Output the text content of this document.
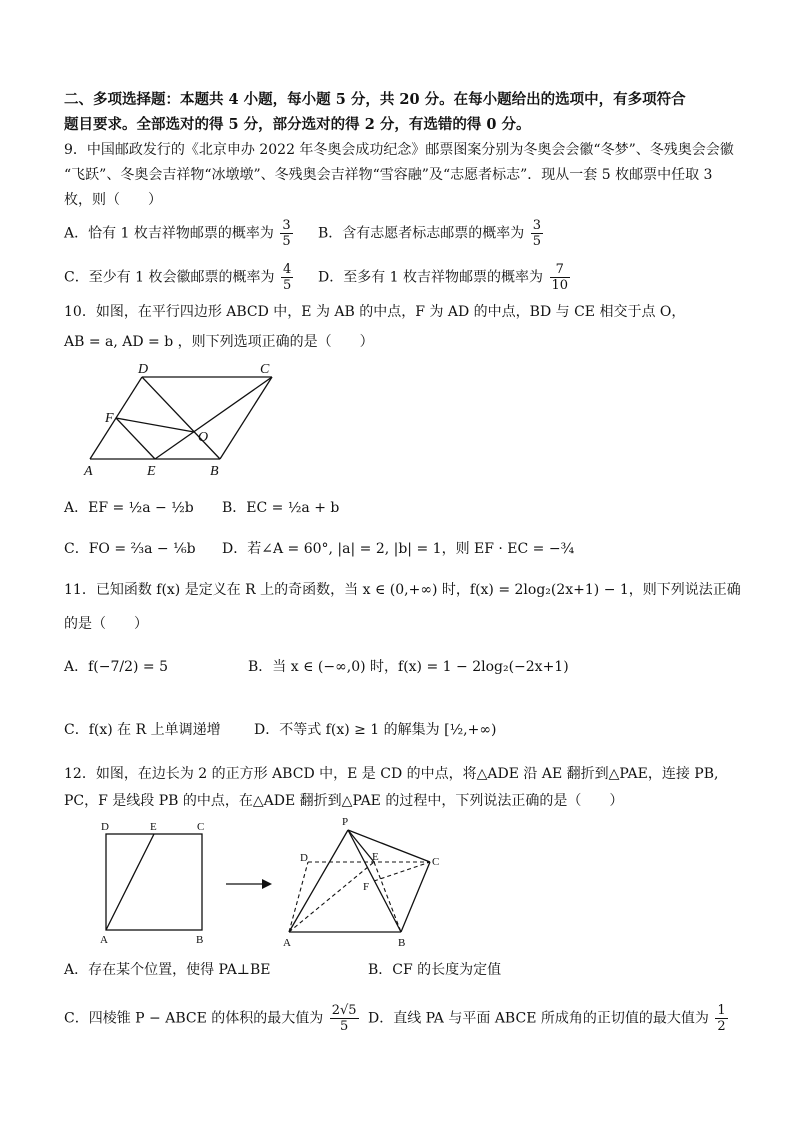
二、多项选择题：本题共 4 小题，每小题 5 分，共 20 分。在每小题给出的选项中，有多项符合
题目要求。全部选对的得 5 分，部分选对的得 2 分，有选错的得 0 分。
9．中国邮政发行的《北京申办 2022 年冬奥会成功纪念》邮票图案分别为冬奥会会徽“冬梦”、冬残奥会会徽
“飞跃”、冬奥会吉祥物“冰墩墩”、冬残奥会吉祥物“雪容融”及“志愿者标志”．现从一套 5 枚邮票中任取 3
枚，则（　　）
A．恰有 1 枚吉祥物邮票的概率为 $\frac{3}{5}$ B．含有志愿者标志邮票的概率为 $\frac{3}{5}$
C．至少有 1 枚会徽邮票的概率为 $\frac{4}{5}$ D．至多有 1 枚吉祥物邮票的概率为 $\frac{7}{10}$
10．如图，在平行四边形 ABCD 中，E 为 AB 的中点，F 为 AD 的中点，BD 与 CE 相交于点 O，
AB = a, AD = b ，则下列选项正确的是（　　）
D	C
F
O
A	E	B
A．EF = ½a − ½b B．EC = ½a + b
C．FO = ⅔a − ⅙b D．若∠A = 60°, |a| = 2, |b| = 1，则 EF · EC = −¾
11．已知函数 f(x) 是定义在 R 上的奇函数，当 x ∈ (0,+∞) 时，f(x) = 2log₂(2x+1) − 1，则下列说法正确
的是（　　）
A．f(−7/2) = 5	B．当 x ∈ (−∞,0) 时，f(x) = 1 − 2log₂(−2x+1)
C．f(x) 在 R 上单调递增 D．不等式 f(x) ≥ 1 的解集为 [½,+∞)
12．如图，在边长为 2 的正方形 ABCD 中，E 是 CD 的中点，将△ADE 沿 AE 翻折到△PAE，连接 PB,
PC，F 是线段 PB 的中点，在△ADE 翻折到△PAE 的过程中，下列说法正确的是（　　）
D	E	C
A	B
P
D	E	C
F
A	B
A．存在某个位置，使得 PA⊥BE	B．CF 的长度为定值
C．四棱锥 P − ABCE 的体积的最大值为 $\frac{2√5}{5}$ D．直线 PA 与平面 ABCE 所成角的正切值的最大值为 $\frac{1}{2}$
